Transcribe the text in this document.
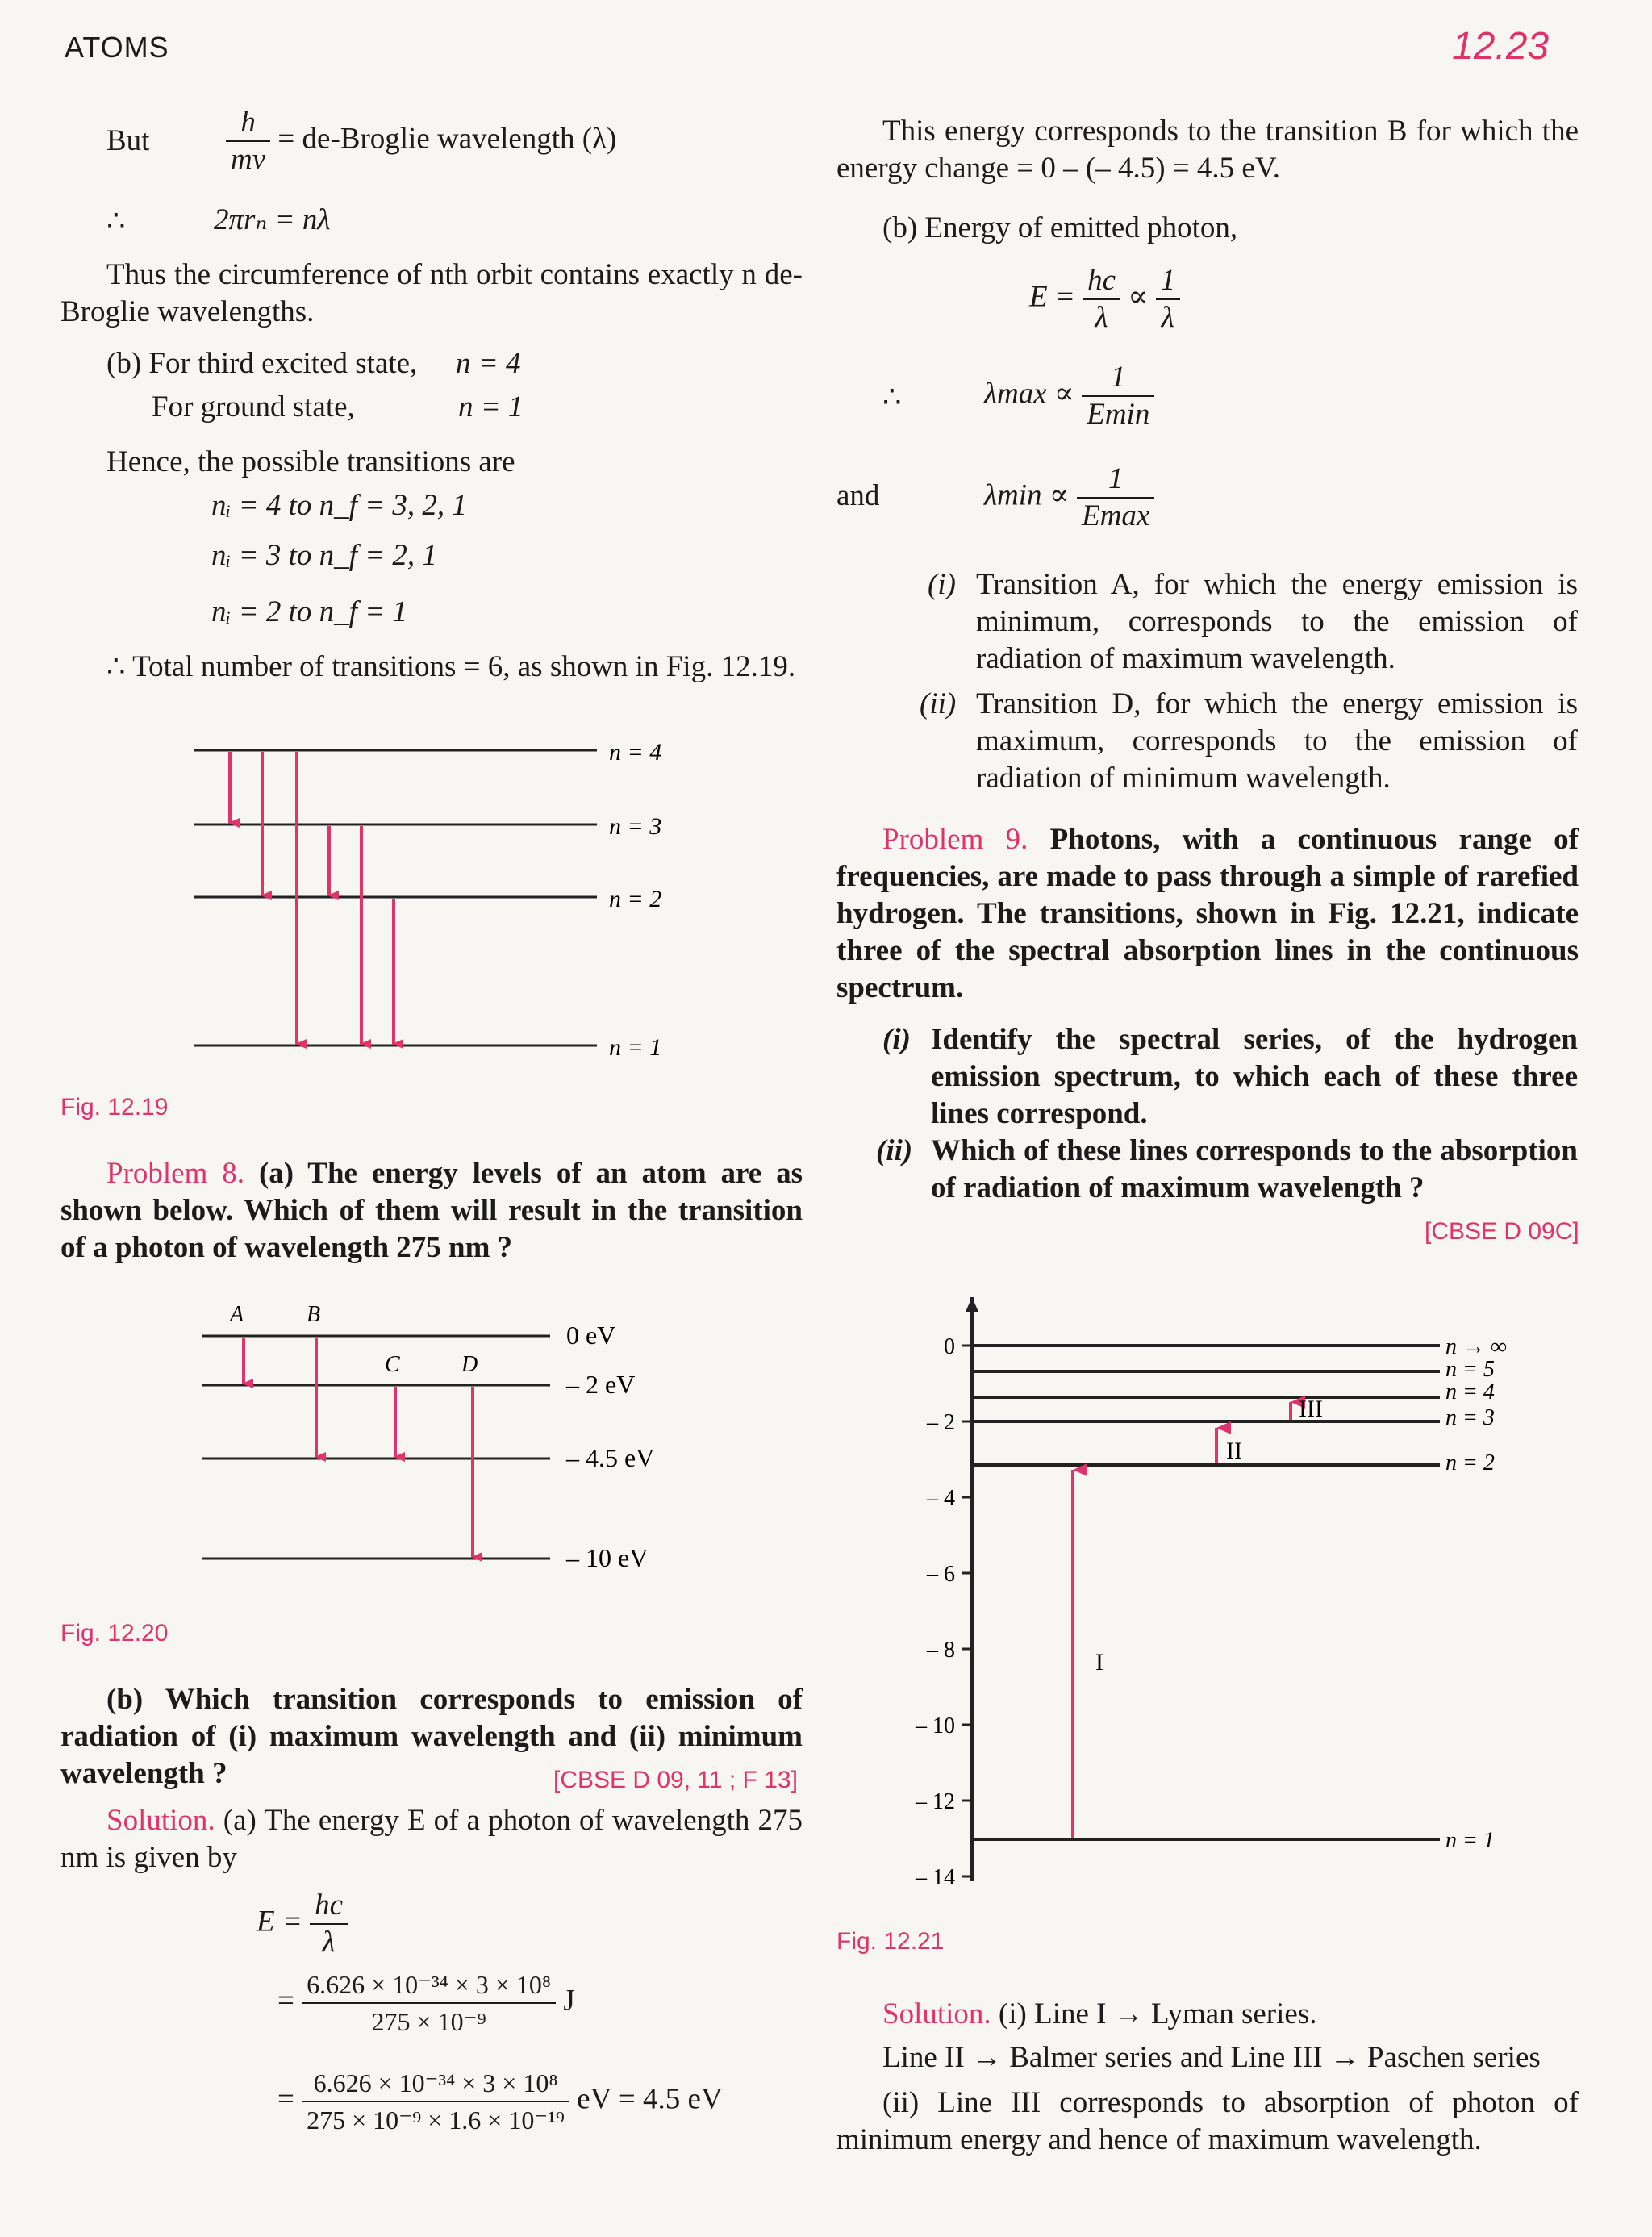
ATOMS	12.23
But	$\frac{h}{mv}$ = de-Broglie wavelength (λ)
∴	2πrₙ = nλ
Thus the circumference of nth orbit contains exactly n de-Broglie wavelengths.
(b) For third excited state, n = 4
For ground state,	n = 1
Hence, the possible transitions are
nᵢ = 4 to n_f = 3, 2, 1
nᵢ = 3 to n_f = 2, 1
nᵢ = 2 to n_f = 1
∴ Total number of transitions = 6, as shown in Fig. 12.19.
n = 4
n = 3
n = 2
n = 1
Fig. 12.19
Problem 8. (a) The energy levels of an atom are as shown below. Which of them will result in the transition of a photon of wavelength 275 nm ?
A	B
C	D
0 eV
– 2 eV
– 4.5 eV
– 10 eV
Fig. 12.20
(b) Which transition corresponds to emission of radiation of (i) maximum wavelength and (ii) minimum wavelength ?	[CBSE D 09, 11 ; F 13]
Solution. (a) The energy E of a photon of wavelength 275 nm is given by
$E = \frac{hc}{\lambda}$
= $\frac{\text{6.626 × 10⁻³⁴ × 3 × 10⁸}}{\text{275 × 10⁻⁹}}$ J
= $\frac{\text{6.626 × 10⁻³⁴ × 3 × 10⁸}}{\text{275 × 10⁻⁹ × 1.6 × 10⁻¹⁹}}$ eV = 4.5 eV
This energy corresponds to the transition B for which the energy change = 0 – (– 4.5) = 4.5 eV.
(b) Energy of emitted photon,
$E = \frac{hc}{\lambda} \propto \frac{1}{\lambda}$
∴	$\lambda\max \propto \frac{1}{Emin}$
and	$\lambda\min \propto \frac{1}{Emax}$
(i) Transition A, for which the energy emission is minimum, corresponds to the emission of radiation of maximum wavelength.
(ii) Transition D, for which the energy emission is maximum, corresponds to the emission of radiation of minimum wavelength.
Problem 9. Photons, with a continuous range of frequencies, are made to pass through a simple of rarefied hydrogen. The transitions, shown in Fig. 12.21, indicate three of the spectral absorption lines in the continuous spectrum.
(i) Identify the spectral series, of the hydrogen emission spectrum, to which each of these three lines correspond.
(ii) Which of these lines corresponds to the absorption of radiation of maximum wavelength ?
[CBSE D 09C]
0
– 2
– 4
– 6
– 8
– 10
– 12
– 14
n → ∞
n = 5
n = 4
n = 3
n = 2
n = 1
I
II
III
Fig. 12.21
Solution. (i) Line I → Lyman series.
Line II → Balmer series and Line III → Paschen series
(ii) Line III corresponds to absorption of photon of minimum energy and hence of maximum wavelength.
